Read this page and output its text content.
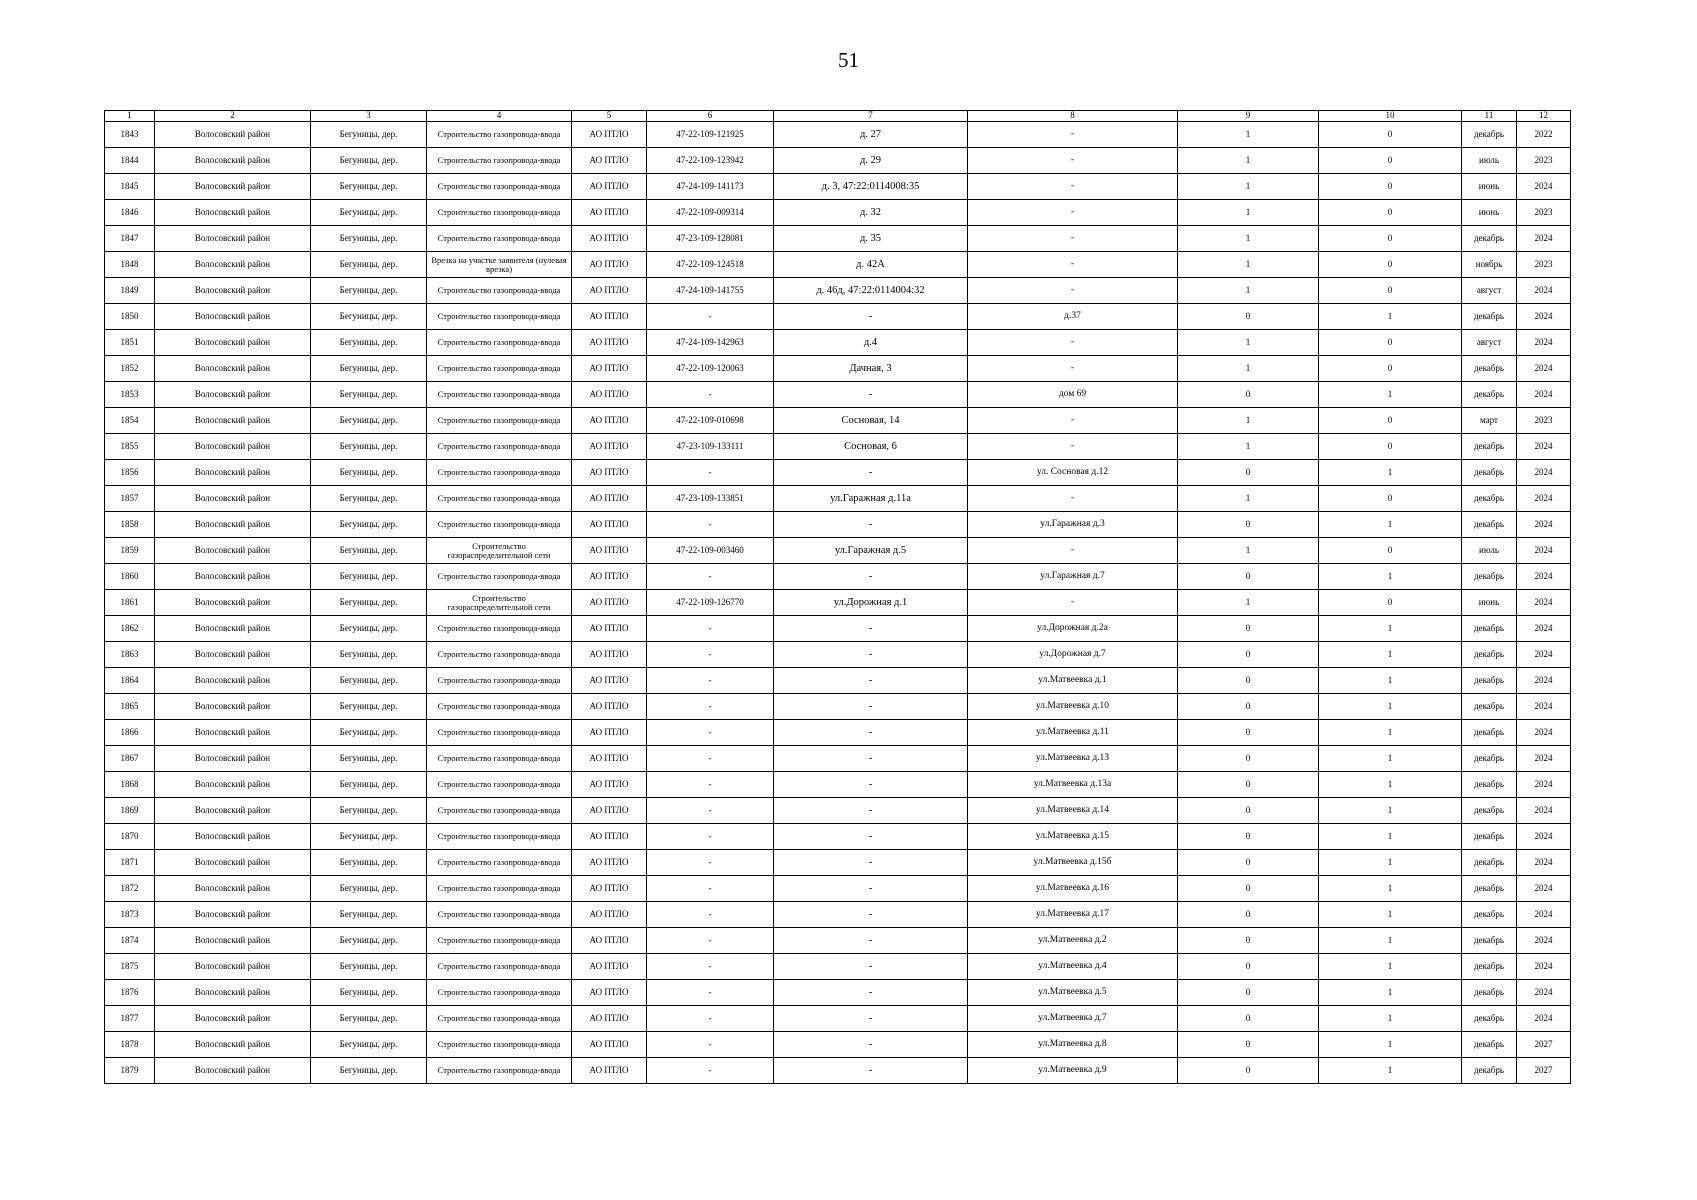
51
1	2	3	4	5	6	7	8	9	10	11	12
1843	Волосовский район	Бегуницы, дер.	Строительство газопровода-ввода	АО ПТЛО	47-22-109-121925	д. 27	-	1	0	декабрь	2022
1844	Волосовский район	Бегуницы, дер.	Строительство газопровода-ввода	АО ПТЛО	47-22-109-123942	д. 29	-	1	0	июль	2023
1845	Волосовский район	Бегуницы, дер.	Строительство газопровода-ввода	АО ПТЛО	47-24-109-141173	д. 3, 47:22:0114008:35	-	1	0	июнь	2024
1846	Волосовский район	Бегуницы, дер.	Строительство газопровода-ввода	АО ПТЛО	47-22-109-009314	д. 32	-	1	0	июнь	2023
1847	Волосовский район	Бегуницы, дер.	Строительство газопровода-ввода	АО ПТЛО	47-23-109-128081	д. 35	-	1	0	декабрь	2024
1848	Волосовский район	Бегуницы, дер.	Врезка на участке заявителя (нулевая врезка)	АО ПТЛО	47-22-109-124518	д. 42А	-	1	0	ноябрь	2023
1849	Волосовский район	Бегуницы, дер.	Строительство газопровода-ввода	АО ПТЛО	47-24-109-141755	д. 46д, 47:22:0114004:32	-	1	0	август	2024
1850	Волосовский район	Бегуницы, дер.	Строительство газопровода-ввода	АО ПТЛО	-	-	д.37	0	1	декабрь	2024
1851	Волосовский район	Бегуницы, дер.	Строительство газопровода-ввода	АО ПТЛО	47-24-109-142963	д.4	-	1	0	август	2024
1852	Волосовский район	Бегуницы, дер.	Строительство газопровода-ввода	АО ПТЛО	47-22-109-120063	Дачная, 3	-	1	0	декабрь	2024
1853	Волосовский район	Бегуницы, дер.	Строительство газопровода-ввода	АО ПТЛО	-	-	дом 69	0	1	декабрь	2024
1854	Волосовский район	Бегуницы, дер.	Строительство газопровода-ввода	АО ПТЛО	47-22-109-010698	Сосновая, 14	-	1	0	март	2023
1855	Волосовский район	Бегуницы, дер.	Строительство газопровода-ввода	АО ПТЛО	47-23-109-133111	Сосновая, 6	-	1	0	декабрь	2024
1856	Волосовский район	Бегуницы, дер.	Строительство газопровода-ввода	АО ПТЛО	-	-	ул. Сосновая д.12	0	1	декабрь	2024
1857	Волосовский район	Бегуницы, дер.	Строительство газопровода-ввода	АО ПТЛО	47-23-109-133851	ул.Гаражная д.11а	-	1	0	декабрь	2024
1858	Волосовский район	Бегуницы, дер.	Строительство газопровода-ввода	АО ПТЛО	-	-	ул.Гаражная д.3	0	1	декабрь	2024
1859	Волосовский район	Бегуницы, дер.	Строительство газораспределительной сети	АО ПТЛО	47-22-109-003460	ул.Гаражная д.5	-	1	0	июль	2024
1860	Волосовский район	Бегуницы, дер.	Строительство газопровода-ввода	АО ПТЛО	-	-	ул.Гаражная д.7	0	1	декабрь	2024
1861	Волосовский район	Бегуницы, дер.	Строительство газораспределительной сети	АО ПТЛО	47-22-109-126770	ул.Дорожная д.1	-	1	0	июнь	2024
1862	Волосовский район	Бегуницы, дер.	Строительство газопровода-ввода	АО ПТЛО	-	-	ул.Дорожная д.2а	0	1	декабрь	2024
1863	Волосовский район	Бегуницы, дер.	Строительство газопровода-ввода	АО ПТЛО	-	-	ул.Дорожная д.7	0	1	декабрь	2024
1864	Волосовский район	Бегуницы, дер.	Строительство газопровода-ввода	АО ПТЛО	-	-	ул.Матвеевка д.1	0	1	декабрь	2024
1865	Волосовский район	Бегуницы, дер.	Строительство газопровода-ввода	АО ПТЛО	-	-	ул.Матвеевка д.10	0	1	декабрь	2024
1866	Волосовский район	Бегуницы, дер.	Строительство газопровода-ввода	АО ПТЛО	-	-	ул.Матвеевка д.11	0	1	декабрь	2024
1867	Волосовский район	Бегуницы, дер.	Строительство газопровода-ввода	АО ПТЛО	-	-	ул.Матвеевка д.13	0	1	декабрь	2024
1868	Волосовский район	Бегуницы, дер.	Строительство газопровода-ввода	АО ПТЛО	-	-	ул.Матвеевка д.13а	0	1	декабрь	2024
1869	Волосовский район	Бегуницы, дер.	Строительство газопровода-ввода	АО ПТЛО	-	-	ул.Матвеевка д.14	0	1	декабрь	2024
1870	Волосовский район	Бегуницы, дер.	Строительство газопровода-ввода	АО ПТЛО	-	-	ул.Матвеевка д.15	0	1	декабрь	2024
1871	Волосовский район	Бегуницы, дер.	Строительство газопровода-ввода	АО ПТЛО	-	-	ул.Матвеевка д.15б	0	1	декабрь	2024
1872	Волосовский район	Бегуницы, дер.	Строительство газопровода-ввода	АО ПТЛО	-	-	ул.Матвеевка д.16	0	1	декабрь	2024
1873	Волосовский район	Бегуницы, дер.	Строительство газопровода-ввода	АО ПТЛО	-	-	ул.Матвеевка д.17	0	1	декабрь	2024
1874	Волосовский район	Бегуницы, дер.	Строительство газопровода-ввода	АО ПТЛО	-	-	ул.Матвеевка д.2	0	1	декабрь	2024
1875	Волосовский район	Бегуницы, дер.	Строительство газопровода-ввода	АО ПТЛО	-	-	ул.Матвеевка д.4	0	1	декабрь	2024
1876	Волосовский район	Бегуницы, дер.	Строительство газопровода-ввода	АО ПТЛО	-	-	ул.Матвеевка д.5	0	1	декабрь	2024
1877	Волосовский район	Бегуницы, дер.	Строительство газопровода-ввода	АО ПТЛО	-	-	ул.Матвеевка д.7	0	1	декабрь	2024
1878	Волосовский район	Бегуницы, дер.	Строительство газопровода-ввода	АО ПТЛО	-	-	ул.Матвеевка д.8	0	1	декабрь	2027
1879	Волосовский район	Бегуницы, дер.	Строительство газопровода-ввода	АО ПТЛО	-	-	ул.Матвеевка д.9	0	1	декабрь	2027
